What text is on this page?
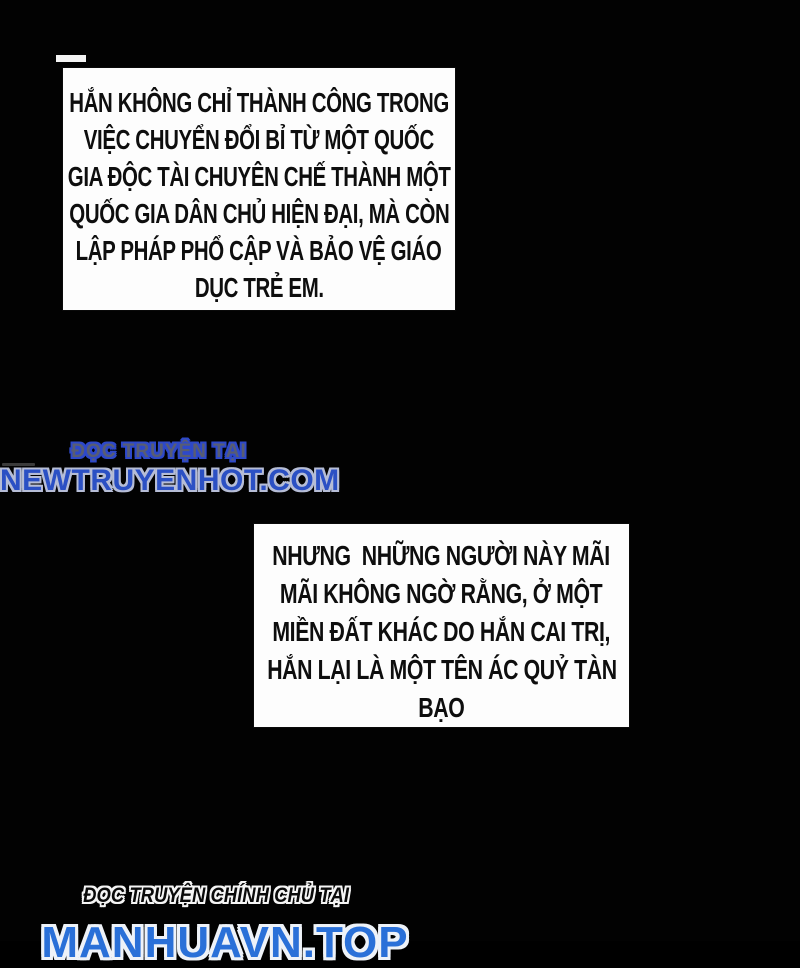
HẮN KHÔNG CHỈ THÀNH CÔNG TRONG
VIỆC CHUYỂN ĐỔI BỈ TỪ MỘT QUỐC
GIA ĐỘC TÀI CHUYÊN CHẾ THÀNH MỘT
QUỐC GIA DÂN CHỦ HIỆN ĐẠI, MÀ CÒN
LẬP PHÁP PHỔ CẬP VÀ BẢO VỆ GIÁO
DỤC TRẺ EM.
ĐỌC TRUYỆN TẠI
NEWTRUYENHOT.COM
NHƯNG  NHỮNG NGƯỜI NÀY MÃI
MÃI KHÔNG NGỜ RẰNG, Ở MỘT
MIỀN ĐẤT KHÁC DO HẮN CAI TRỊ,
HẮN LẠI LÀ MỘT TÊN ÁC QUỶ TÀN
BẠO
ĐỌC TRUYỆN CHÍNH CHỦ TẠI
MANHUAVN.TOP
